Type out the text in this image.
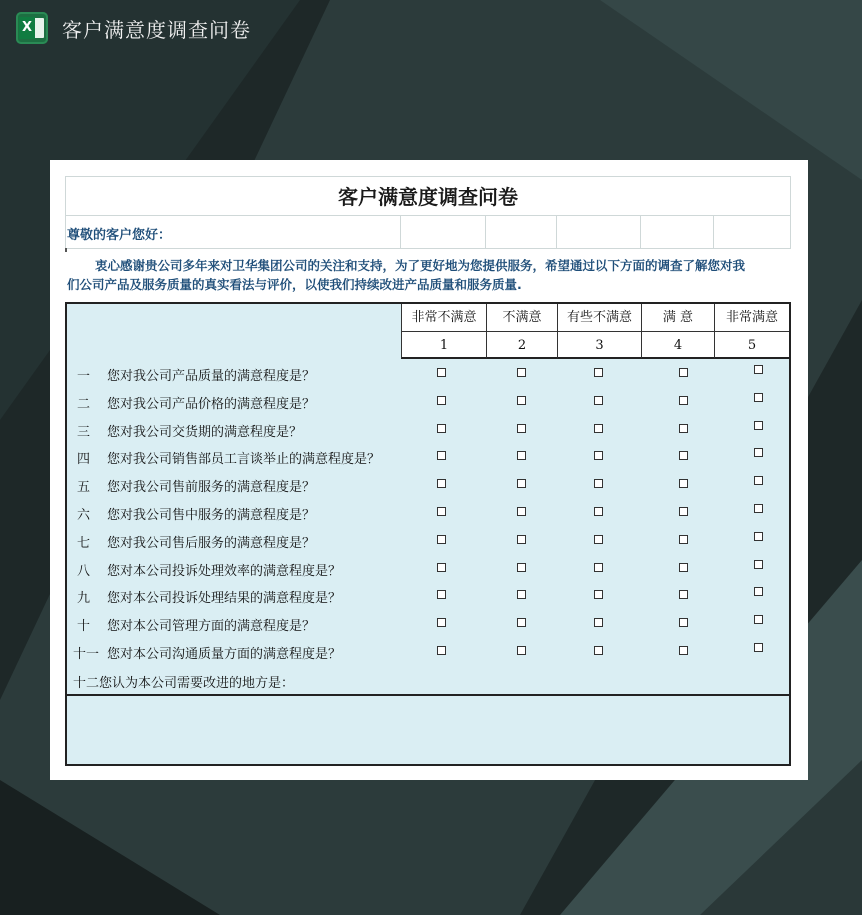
X 客户满意度调查问卷
客户满意度调查问卷
尊敬的客户您好：
衷心感谢贵公司多年来对卫华集团公司的关注和支持，为了更好地为您提供服务，希望通过以下方面的调查了解您对我
们公司产品及服务质量的真实看法与评价，以使我们持续改进产品质量和服务质量.
非常不满意	不满意	有些不满意	满 意	非常满意
1	2	3	4	5
一 您对我公司产品质量的满意程度是？
二 您对我公司产品价格的满意程度是？
三 您对我公司交货期的满意程度是？
四 您对我公司销售部员工言谈举止的满意程度是？
五 您对我公司售前服务的满意程度是？
六 您对我公司售中服务的满意程度是？
七 您对我公司售后服务的满意程度是？
八 您对本公司投诉处理效率的满意程度是？
九 您对本公司投诉处理结果的满意程度是？
十 您对本公司管理方面的满意程度是？
十一 您对本公司沟通质量方面的满意程度是？
十二 您认为本公司需要改进的地方是：
